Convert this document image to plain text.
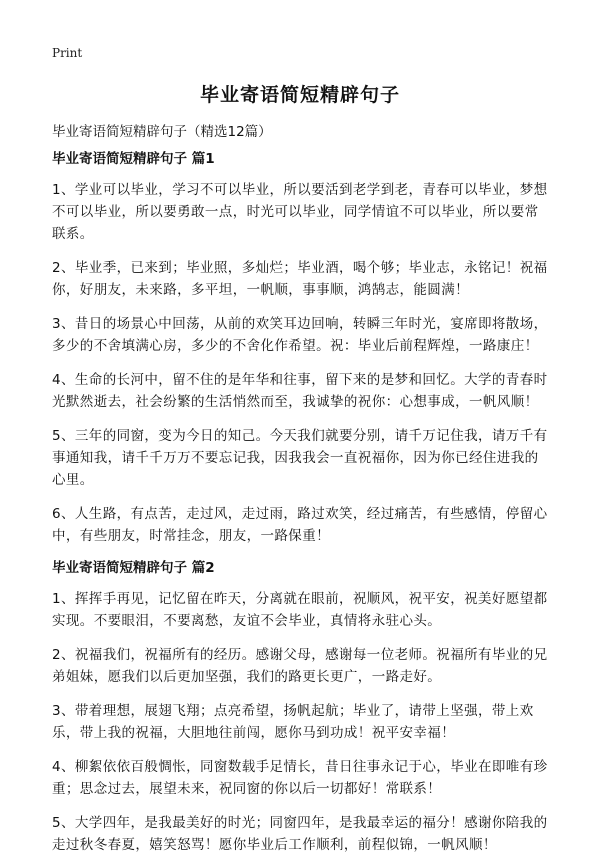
Print
毕业寄语简短精辟句子
毕业寄语简短精辟句子（精选12篇）
毕业寄语简短精辟句子 篇1

1、学业可以毕业，学习不可以毕业，所以要活到老学到老，青春可以毕业，梦想不可以毕业，所以要勇敢一点，时光可以毕业，同学情谊不可以毕业，所以要常联系。

2、毕业季，已来到；毕业照，多灿烂；毕业酒，喝个够；毕业志，永铭记！祝福你，好朋友，未来路，多平坦，一帆顺，事事顺，鸿鹄志，能圆满！

3、昔日的场景心中回荡，从前的欢笑耳边回响，转瞬三年时光，宴席即将散场，多少的不舍填满心房，多少的不舍化作希望。祝：毕业后前程辉煌，一路康庄！

4、生命的长河中，留不住的是年华和往事，留下来的是梦和回忆。大学的青春时光默然逝去，社会纷繁的生活悄然而至，我诚挚的祝你：心想事成，一帆风顺！

5、三年的同窗，变为今日的知己。今天我们就要分别，请千万记住我，请万千有事通知我，请千千万万不要忘记我，因我我会一直祝福你，因为你已经住进我的心里。

6、人生路，有点苦，走过风，走过雨，路过欢笑，经过痛苦，有些感情，停留心中，有些朋友，时常挂念，朋友，一路保重！

毕业寄语简短精辟句子 篇2

1、挥挥手再见，记忆留在昨天，分离就在眼前，祝顺风，祝平安，祝美好愿望都实现。不要眼泪，不要离愁，友谊不会毕业，真情将永驻心头。

2、祝福我们，祝福所有的经历。感谢父母，感谢每一位老师。祝福所有毕业的兄弟姐妹，愿我们以后更加坚强，我们的路更长更广，一路走好。

3、带着理想，展翅飞翔；点亮希望，扬帆起航；毕业了，请带上坚强，带上欢乐，带上我的祝福，大胆地往前闯，愿你马到功成！祝平安幸福！

4、柳絮依依百般惆怅，同窗数载手足情长，昔日往事永记于心，毕业在即唯有珍重；思念过去，展望未来，祝同窗的你以后一切都好！常联系！

5、大学四年，是我最美好的时光；同窗四年，是我最幸运的福分！感谢你陪我的走过秋冬春夏，嬉笑怒骂！愿你毕业后工作顺利，前程似锦，一帆风顺！
